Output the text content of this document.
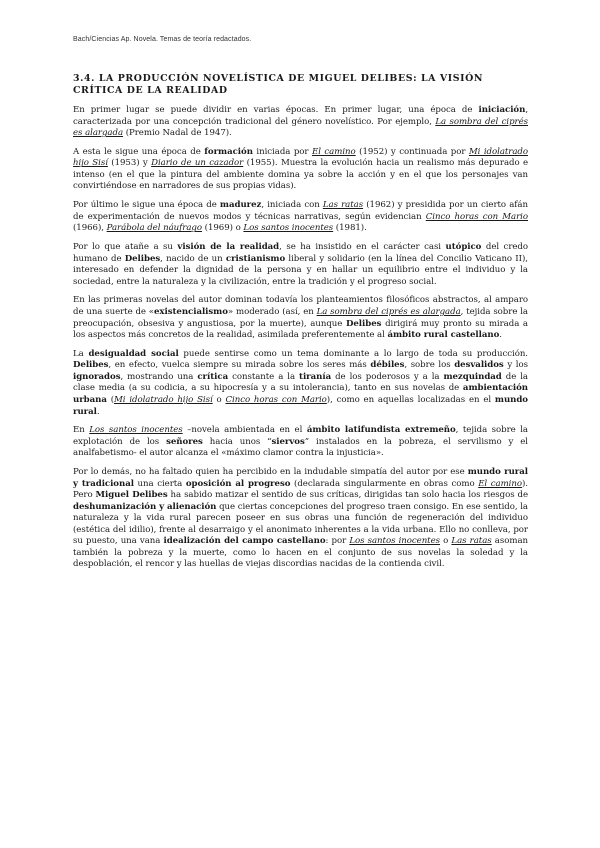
Bach/Ciencias Ap. Novela. Temas de teoría redactados.
3.4. LA PRODUCCIÓN NOVELÍSTICA DE MIGUEL DELIBES: LA VISIÓN CRÍTICA DE LA REALIDAD

En primer lugar se puede dividir en varias épocas. En primer lugar, una época de iniciación, caracterizada por una concepción tradicional del género novelístico. Por ejemplo, La sombra del ciprés es alargada (Premio Nadal de 1947).

A esta le sigue una época de formación iniciada por El camino (1952) y continuada por Mi idolatrado hijo Sisí (1953) y Diario de un cazador (1955). Muestra la evolución hacia un realismo más depurado e intenso (en el que la pintura del ambiente domina ya sobre la acción y en el que los personajes van convirtiéndose en narradores de sus propias vidas).

Por último le sigue una época de madurez, iniciada con Las ratas (1962) y presidida por un cierto afán de experimentación de nuevos modos y técnicas narrativas, según evidencian Cinco horas con Mario (1966), Parábola del náufrago (1969) o Los santos inocentes (1981).

Por lo que atañe a su visión de la realidad, se ha insistido en el carácter casi utópico del credo humano de Delibes, nacido de un cristianismo liberal y solidario (en la línea del Concilio Vaticano II), interesado en defender la dignidad de la persona y en hallar un equilibrio entre el individuo y la sociedad, entre la naturaleza y la civilización, entre la tradición y el progreso social.

En las primeras novelas del autor dominan todavía los planteamientos filosóficos abstractos, al amparo de una suerte de «existencialismo» moderado (así, en La sombra del ciprés es alargada, tejida sobre la preocupación, obsesiva y angustiosa, por la muerte), aunque Delibes dirigirá muy pronto su mirada a los aspectos más concretos de la realidad, asimilada preferentemente al ámbito rural castellano.

La desigualdad social puede sentirse como un tema dominante a lo largo de toda su producción. Delibes, en efecto, vuelca siempre su mirada sobre los seres más débiles, sobre los desvalidos y los ignorados, mostrando una crítica constante a la tiranía de los poderosos y a la mezquindad de la clase media (a su codicia, a su hipocresía y a su intolerancia), tanto en sus novelas de ambientación urbana (Mi idolatrado hijo Sisí o Cinco horas con Mario), como en aquellas localizadas en el mundo rural.

En Los santos inocentes –novela ambientada en el ámbito latifundista extremeño, tejida sobre la explotación de los señores hacia unos “siervos” instalados en la pobreza, el servilismo y el analfabetismo- el autor alcanza el «máximo clamor contra la injusticia».

Por lo demás, no ha faltado quien ha percibido en la indudable simpatía del autor por ese mundo rural y tradicional una cierta oposición al progreso (declarada singularmente en obras como El camino). Pero Miguel Delibes ha sabido matizar el sentido de sus críticas, dirigidas tan solo hacia los riesgos de deshumanización y alienación que ciertas concepciones del progreso traen consigo. En ese sentido, la naturaleza y la vida rural parecen poseer en sus obras una función de regeneración del individuo (estética del idilio), frente al desarraigo y el anonimato inherentes a la vida urbana. Ello no conlleva, por su puesto, una vana idealización del campo castellano: por Los santos inocentes o Las ratas asoman también la pobreza y la muerte, como lo hacen en el conjunto de sus novelas la soledad y la despoblación, el rencor y las huellas de viejas discordias nacidas de la contienda civil.
